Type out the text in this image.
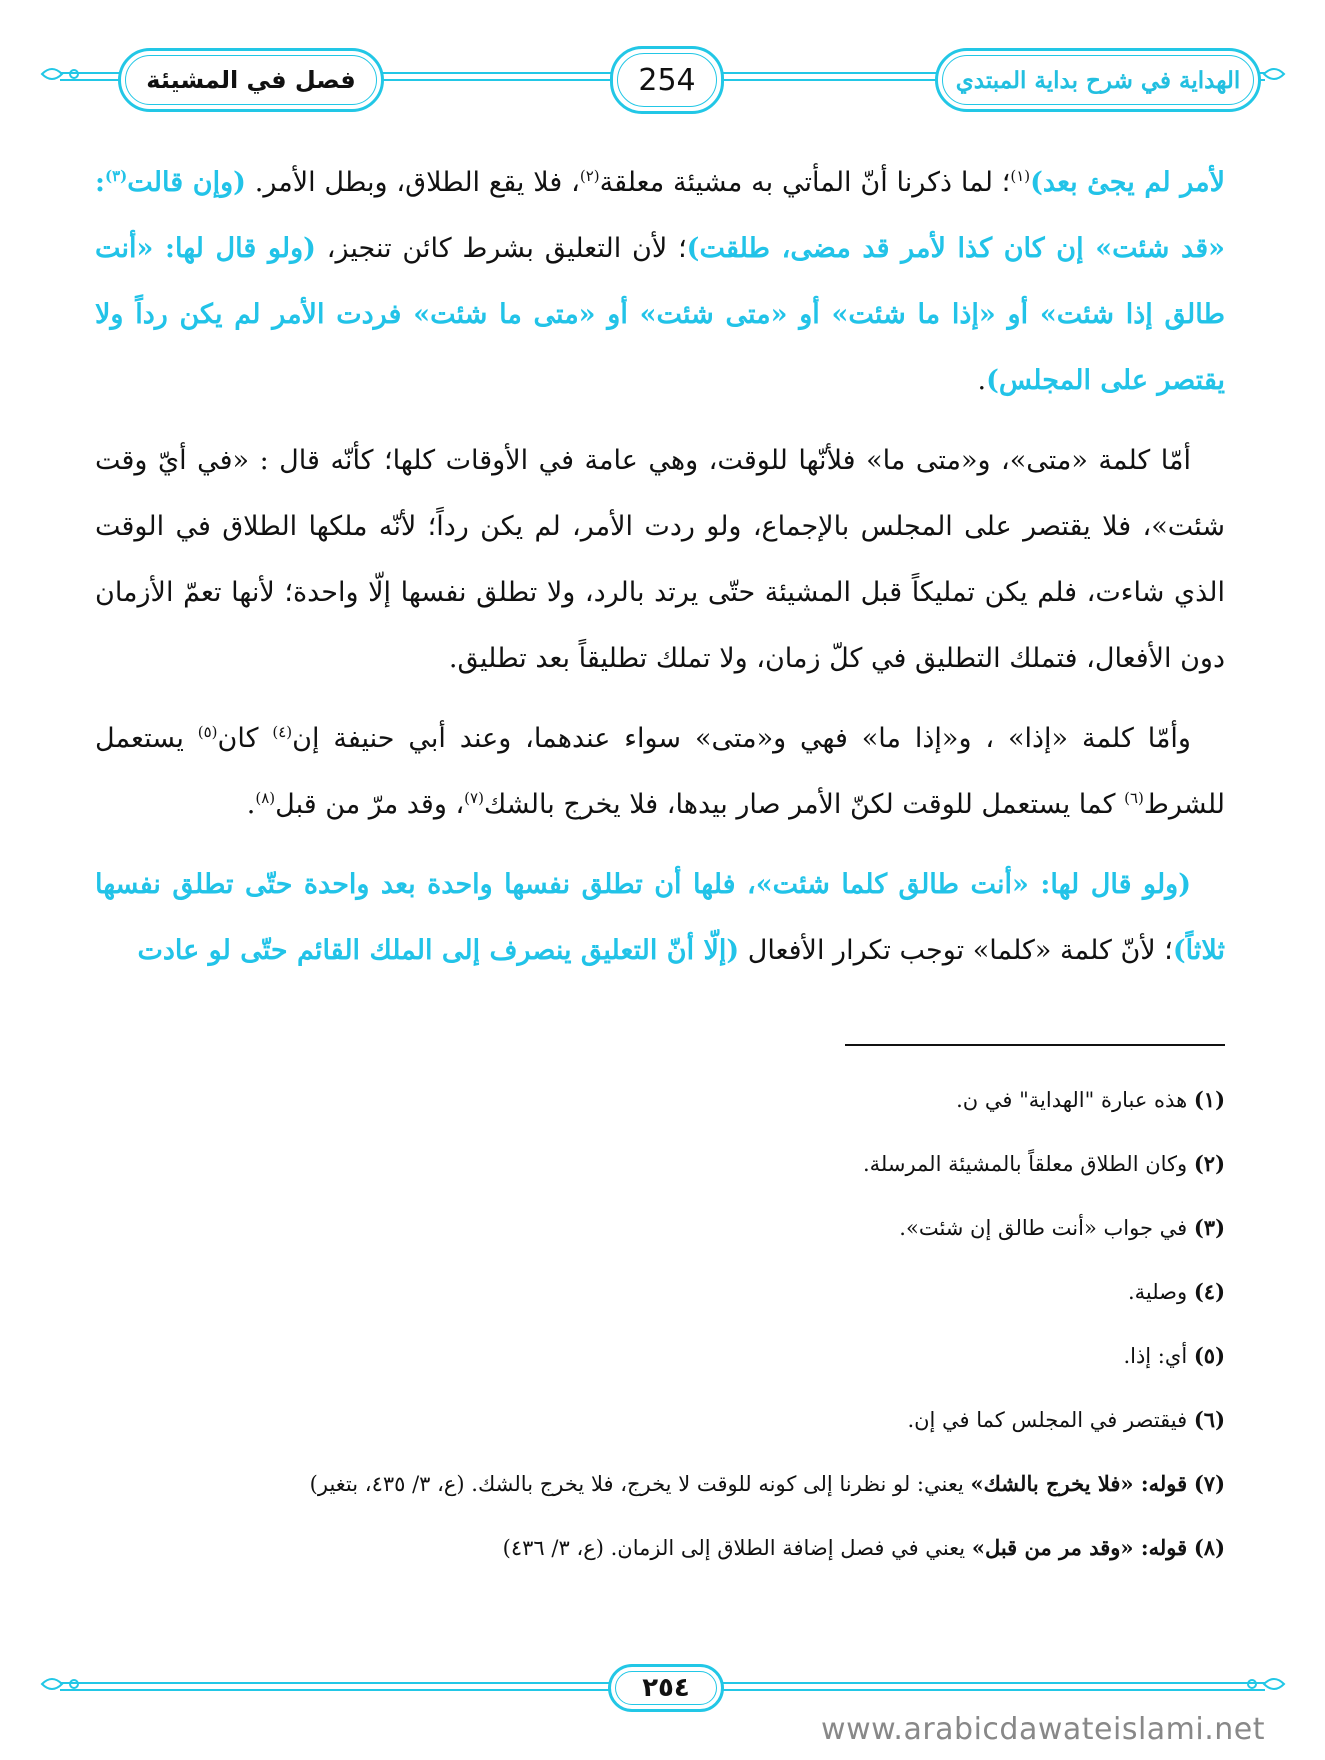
فصل في المشيئة	254	الهداية في شرح بداية المبتدي

لأمر لم يجئ بعد)$^{(١)}$؛ لما ذكرنا أنّ المأتي به مشيئة معلقة$^{(٢)}$، فلا يقع الطلاق، وبطل الأمر. (وإن قالت$^{(٣)}$: «قد شئت» إن كان كذا لأمر قد مضى، طلقت)؛ لأن التعليق بشرط كائن تنجيز، (ولو قال لها: «أنت طالق إذا شئت» أو «إذا ما شئت» أو «متى شئت» أو «متى ما شئت» فردت الأمر لم يكن رداً ولا يقتصر على المجلس).

أمّا كلمة «متى»، و«متى ما» فلأنّها للوقت، وهي عامة في الأوقات كلها؛ كأنّه قال : «في أيّ وقت شئت»، فلا يقتصر على المجلس بالإجماع، ولو ردت الأمر، لم يكن رداً؛ لأنّه ملكها الطلاق في الوقت الذي شاءت، فلم يكن تمليكاً قبل المشيئة حتّى يرتد بالرد، ولا تطلق نفسها إلّا واحدة؛ لأنها تعمّ الأزمان دون الأفعال، فتملك التطليق في كلّ زمان، ولا تملك تطليقاً بعد تطليق.

وأمّا كلمة «إذا» ، و«إذا ما» فهي و«متى» سواء عندهما، وعند أبي حنيفة إن$^{(٤)}$ كان$^{(٥)}$ يستعمل للشرط$^{(٦)}$ كما يستعمل للوقت لكنّ الأمر صار بيدها، فلا يخرج بالشك$^{(٧)}$، وقد مرّ من قبل$^{(٨)}$.

(ولو قال لها: «أنت طالق كلما شئت»، فلها أن تطلق نفسها واحدة بعد واحدة حتّى تطلق نفسها ثلاثاً)؛ لأنّ كلمة «كلما» توجب تكرار الأفعال (إلّا أنّ التعليق ينصرف إلى الملك القائم حتّى لو عادت

(١) هذه عبارة "الهداية" في ن.
(٢) وكان الطلاق معلقاً بالمشيئة المرسلة.
(٣) في جواب «أنت طالق إن شئت».
(٤) وصلية.
(٥) أي: إذا.
(٦) فيقتصر في المجلس كما في إن.
(٧) قوله: «فلا يخرج بالشك» يعني: لو نظرنا إلى كونه للوقت لا يخرج، فلا يخرج بالشك. (ع، ٣/ ٤٣٥، بتغير)
(٨) قوله: «وقد مر من قبل» يعني في فصل إضافة الطلاق إلى الزمان. (ع، ٣/ ٤٣٦)
٢٥٤
www.arabicdawateislami.net
